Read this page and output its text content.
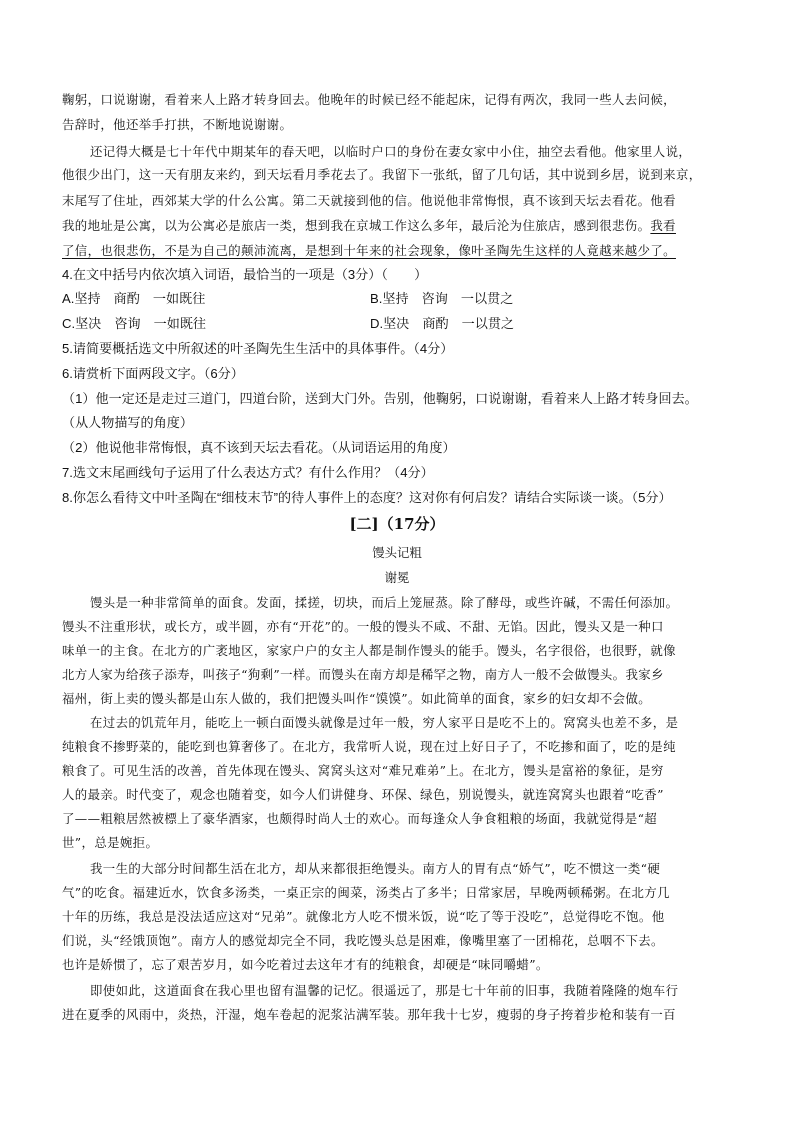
鞠躬，口说谢谢，看着来人上路才转身回去。他晚年的时候已经不能起床，记得有两次，我同一些人去问候，
告辞时，他还举手打拱，不断地说谢谢。
还记得大概是七十年代中期某年的春天吧，以临时户口的身份在妻女家中小住，抽空去看他。他家里人说，
他很少出门，这一天有朋友来约，到天坛看月季花去了。我留下一张纸，留了几句话，其中说到乡居，说到来京，
末尾写了住址，西郊某大学的什么公寓。第二天就接到他的信。他说他非常悔恨，真不该到天坛去看花。他看
我的地址是公寓，以为公寓必是旅店一类，想到我在京城工作这么多年，最后沦为住旅店，感到很悲伤。我看
了信，也很悲伤，不是为自己的颠沛流离，是想到十年来的社会现象，像叶圣陶先生这样的人竟越来越少了。
4.在文中括号内依次填入词语，最恰当的一项是（3分）（　　）
A.坚持　商酌　一如既往	B.坚持　咨询　一以贯之
C.坚决　咨询　一如既往	D.坚决　商酌　一以贯之
5.请简要概括选文中所叙述的叶圣陶先生生活中的具体事件。（4分）
6.请赏析下面两段文字。（6分）
（1）他一定还是走过三道门，四道台阶，送到大门外。告别，他鞠躬，口说谢谢，看着来人上路才转身回去。
（从人物描写的角度）
（2）他说他非常悔恨，真不该到天坛去看花。（从词语运用的角度）
7.选文末尾画线句子运用了什么表达方式？有什么作用？（4分）
8.你怎么看待文中叶圣陶在“细枝末节”的待人事件上的态度？这对你有何启发？请结合实际谈一谈。（5分）
[二]（17分）
馒头记粗
谢冕
馒头是一种非常简单的面食。发面，揉搓，切块，而后上笼屉蒸。除了酵母，或些许碱，不需任何添加。
馒头不注重形状，或长方，或半圆，亦有“开花”的。一般的馒头不咸、不甜、无馅。因此，馒头又是一种口
味单一的主食。在北方的广袤地区，家家户户的女主人都是制作馒头的能手。馒头，名字很俗，也很野，就像
北方人家为给孩子添寿，叫孩子“狗剩”一样。而馒头在南方却是稀罕之物，南方人一般不会做馒头。我家乡
福州，街上卖的馒头都是山东人做的，我们把馒头叫作“馍馍”。如此简单的面食，家乡的妇女却不会做。
在过去的饥荒年月，能吃上一顿白面馒头就像是过年一般，穷人家平日是吃不上的。窝窝头也差不多，是
纯粮食不掺野菜的，能吃到也算奢侈了。在北方，我常听人说，现在过上好日子了，不吃掺和面了，吃的是纯
粮食了。可见生活的改善，首先体现在馒头、窝窝头这对“难兄难弟”上。在北方，馒头是富裕的象征，是穷
人的最亲。时代变了，观念也随着变，如今人们讲健身、环保、绿色，别说馒头，就连窝窝头也跟着“吃香”
了——粗粮居然被標上了豪华酒家，也颇得时尚人士的欢心。而每逢众人争食粗粮的场面，我就觉得是“超
世”，总是婉拒。
我一生的大部分时间都生活在北方，却从来都很拒绝馒头。南方人的胃有点“娇气”，吃不惯这一类“硬
气”的吃食。福建近水，饮食多汤类，一桌正宗的闽菜，汤类占了多半；日常家居，早晚两顿稀粥。在北方几
十年的历练，我总是没法适应这对“兄弟”。就像北方人吃不惯米饭，说“吃了等于没吃”，总觉得吃不饱。他
们说，头“经饿顶饱”。南方人的感觉却完全不同，我吃馒头总是困难，像嘴里塞了一团棉花，总咽不下去。
也许是娇惯了，忘了艰苦岁月，如今吃着过去这年才有的纯粮食，却硬是“味同嚼蜡”。
即使如此，这道面食在我心里也留有温馨的记忆。很遥远了，那是七十年前的旧事，我随着隆隆的炮车行
进在夏季的风雨中，炎热，汗湿，炮车卷起的泥浆沾满军装。那年我十七岁，瘦弱的身子挎着步枪和装有一百
